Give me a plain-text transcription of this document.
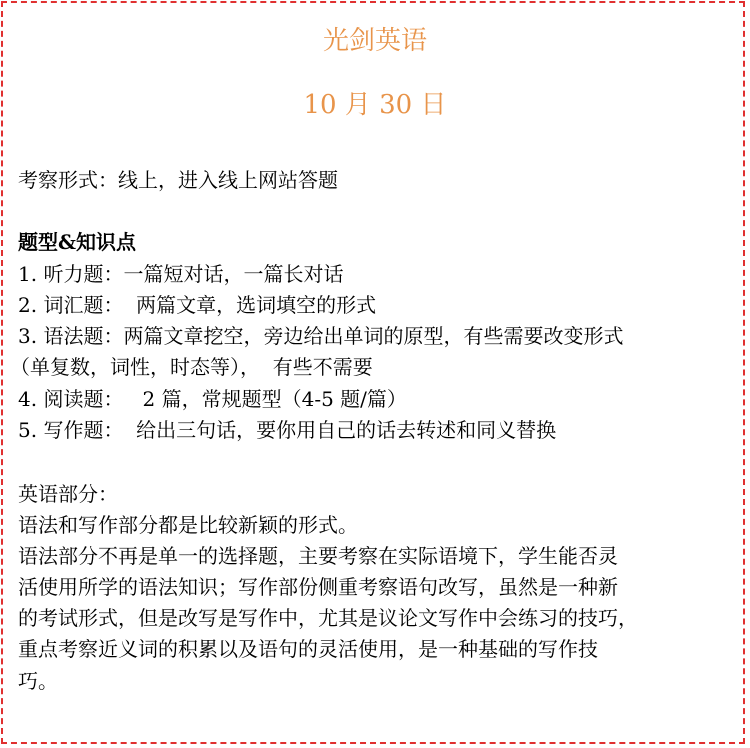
光剑英语
10 月 30 日
考察形式：线上，进入线上网站答题
题型&知识点
1. 听力题：一篇短对话，一篇长对话
2. 词汇题：  两篇文章，选词填空的形式
3. 语法题：两篇文章挖空，旁边给出单词的原型，有些需要改变形式
（单复数，词性，时态等），  有些不需要
4. 阅读题：   2 篇，常规题型（4-5 题/篇）
5. 写作题：  给出三句话，要你用自己的话去转述和同义替换
英语部分：
语法和写作部分都是比较新颖的形式。
语法部分不再是单一的选择题，主要考察在实际语境下，学生能否灵
活使用所学的语法知识；写作部份侧重考察语句改写，虽然是一种新
的考试形式，但是改写是写作中，尤其是议论文写作中会练习的技巧，
重点考察近义词的积累以及语句的灵活使用，是一种基础的写作技
巧。
